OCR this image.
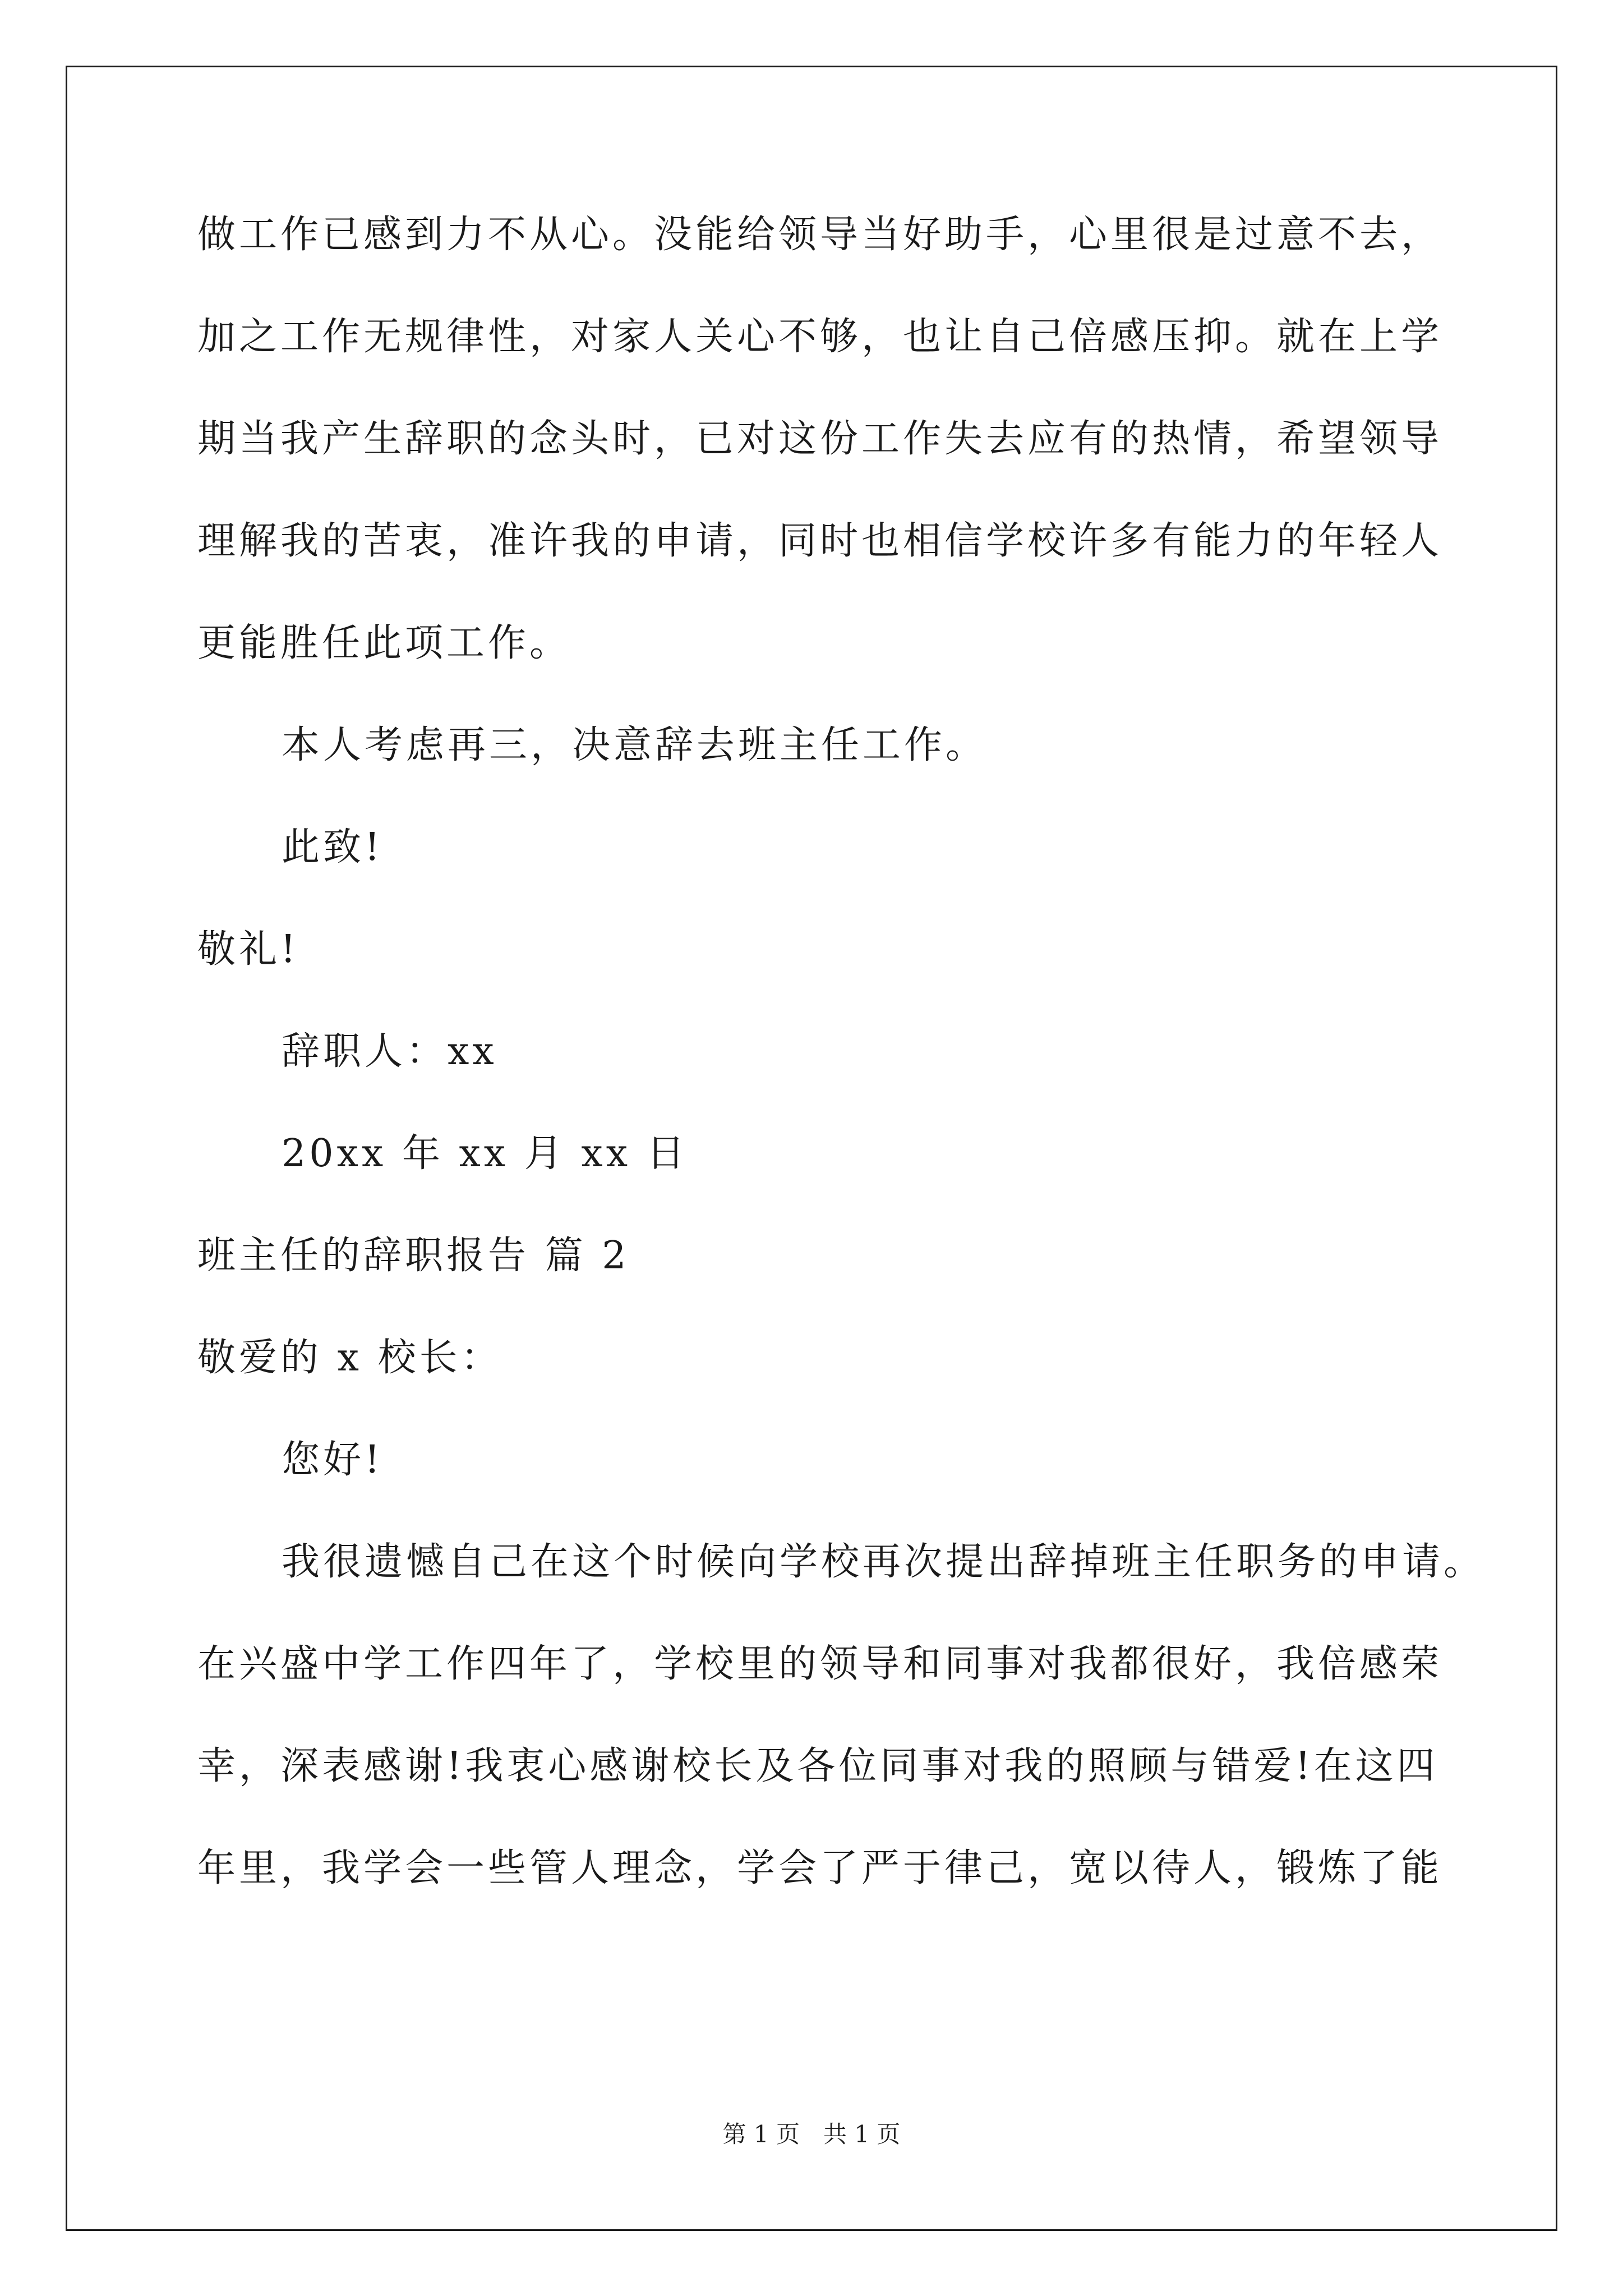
做工作已感到力不从心。没能给领导当好助手，心里很是过意不去，
加之工作无规律性，对家人关心不够，也让自己倍感压抑。就在上学
期当我产生辞职的念头时，已对这份工作失去应有的热情，希望领导
理解我的苦衷，准许我的申请，同时也相信学校许多有能力的年轻人
更能胜任此项工作。
本人考虑再三，决意辞去班主任工作。
此致!
敬礼!
辞职人：xx
20xx 年 xx 月 xx 日
班主任的辞职报告 篇 2
敬爱的 x 校长：
您好!
我很遗憾自己在这个时候向学校再次提出辞掉班主任职务的申请。
在兴盛中学工作四年了，学校里的领导和同事对我都很好，我倍感荣
幸，深表感谢!我衷心感谢校长及各位同事对我的照顾与错爱!在这四
年里，我学会一些管人理念，学会了严于律己，宽以待人，锻炼了能
第 1 页　共 1 页
